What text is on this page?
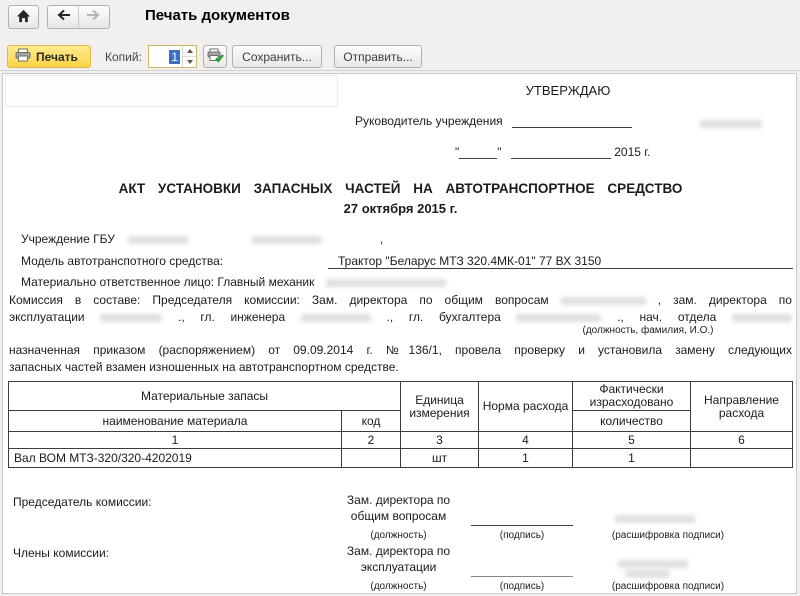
Печать документов
Печать Копий: 1	Сохранить...	Отправить...
УТВЕРЖДАЮ
Руководитель учреждения
"	"	2015 г.
АКТ УСТАНОВКИ ЗАПАСНЫХ ЧАСТЕЙ НА АВТОТРАНСПОРТНОЕ СРЕДСТВО
27 октября 2015 г.
Учреждение ГБУ	,
Модель автотранспотного средства:	Трактор "Беларус МТЗ 320.4МК-01" 77 ВХ 3150
Материально ответственное лицо: Главный механик
Комиссия в составе: Председателя комиссии: Зам. директора по общим вопросам	, зам. директора по
эксплуатации	., гл. инженера	., гл. бухгалтера	., нач. отдела
(должность, фамилия, И.О.)
назначенная приказом (распоряжением) от 09.09.2014 г. №136/1, провела проверку и установила замену следующих
запасных частей взамен изношенных на автотранспортном средстве.
Материальные запасы		Единица измерения	Норма расхода	Фактически израсходовано	Направление расхода
наименование материала	код			количество	
1	2	3	4	5	6
Вал ВОМ МТЗ-320/320-4202019		шт	1	1	
Председатель комиссии:	Зам. директора по
общим вопросам
(должность)	(подпись)	(расшифровка подписи)
Члены комиссии:	Зам. директора по
эксплуатации
(должность)	(подпись)	(расшифровка подписи)
